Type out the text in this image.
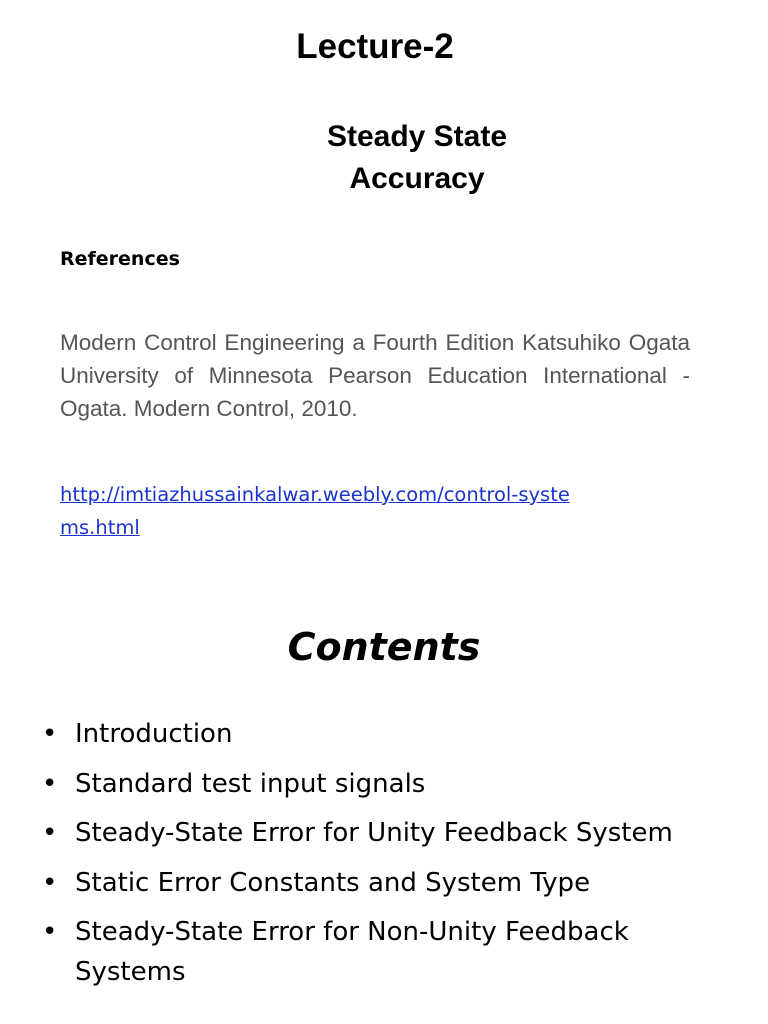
Lecture-2
Steady State
Accuracy
References
Modern Control Engineering a Fourth Edition Katsuhiko Ogata University of Minnesota Pearson Education International - Ogata. Modern Control, 2010.
http://imtiazhussainkalwar.weebly.com/control-systems.html
Contents
• Introduction
• Standard test input signals
• Steady-State Error for Unity Feedback System
• Static Error Constants and System Type
• Steady-State Error for Non-Unity Feedback Systems
